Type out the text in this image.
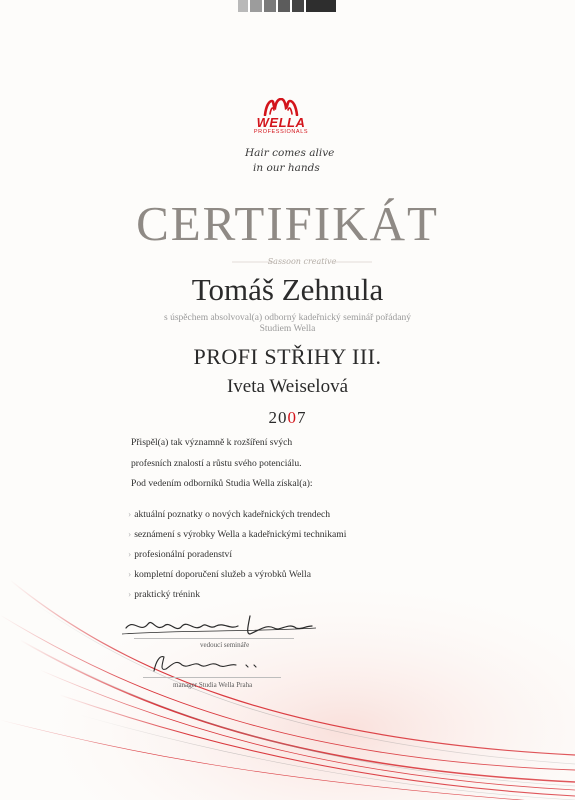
WELLA
PROFESSIONALS
Hair comes alive
in our hands
CERTIFIKÁT
Sassoon creative
Tomáš Zehnula
s úspěchem absolvoval(a) odborný kadeřnický seminář pořádaný Studiem Wella
PROFI STŘIHY III.
Iveta Weiselová
2007
Přispěl(a) tak významně k rozšíření svých
profesních znalostí a růstu svého potenciálu.
Pod vedením odborníků Studia Wella získal(a):
› aktuální poznatky o nových kadeřnických trendech
vedoucí semináře
manager Studia Wella Praha
